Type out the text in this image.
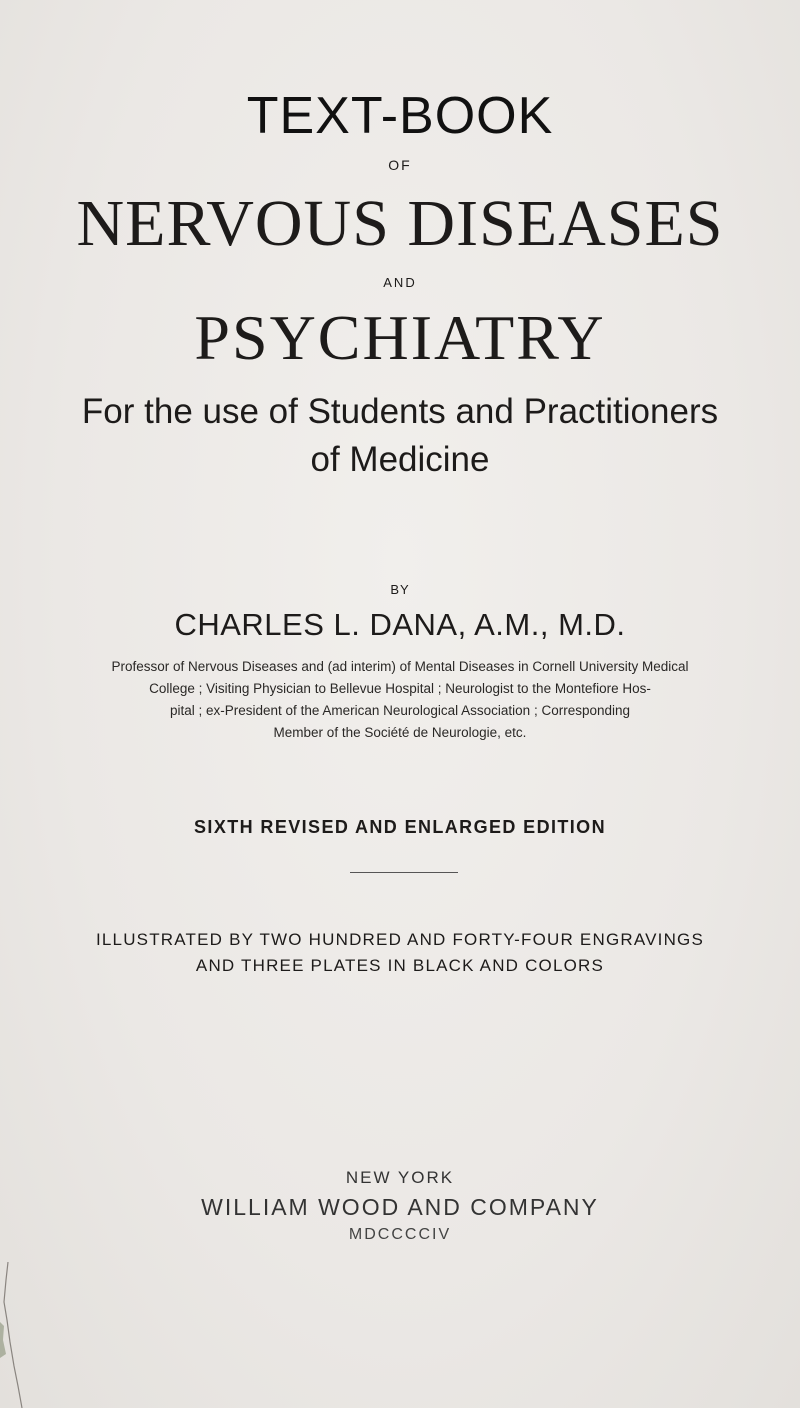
TEXT-BOOK
OF
NERVOUS DISEASES
AND
PSYCHIATRY
For the use of Students and Practitioners
of Medicine
BY
CHARLES L. DANA, A.M., M.D.
Professor of Nervous Diseases and (ad interim) of Mental Diseases in Cornell University Medical
College ; Visiting Physician to Bellevue Hospital ; Neurologist to the Montefiore Hos-
pital ; ex-President of the American Neurological Association ; Corresponding
Member of the Société de Neurologie, etc.
SIXTH REVISED AND ENLARGED EDITION
ILLUSTRATED BY TWO HUNDRED AND FORTY-FOUR ENGRAVINGS
AND THREE PLATES IN BLACK AND COLORS
NEW YORK
WILLIAM WOOD AND COMPANY
MDCCCCIV
